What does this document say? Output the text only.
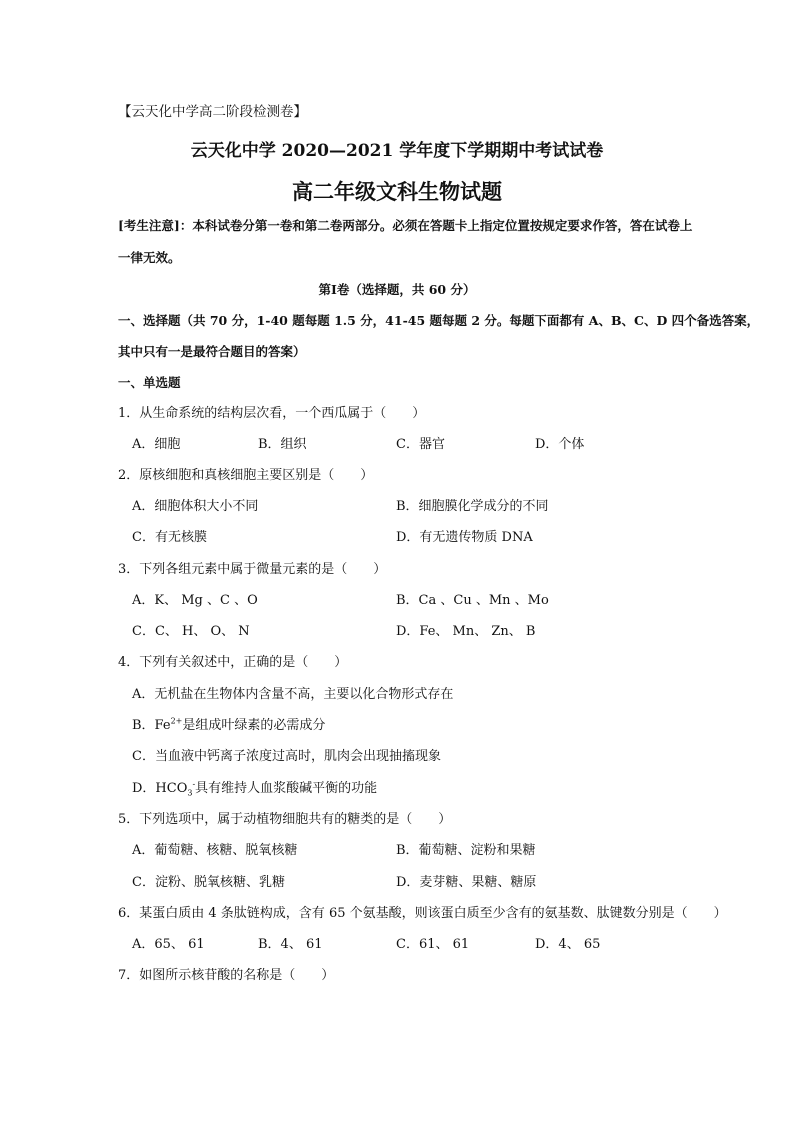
【云天化中学高二阶段检测卷】
云天化中学 2020—2021 学年度下学期期中考试试卷
高二年级文科生物试题
[考生注意]：本科试卷分第一卷和第二卷两部分。必须在答题卡上指定位置按规定要求作答，答在试卷上
一律无效。
第Ⅰ卷（选择题，共 60 分）
一、选择题（共 70 分，1-40 题每题 1.5 分，41-45 题每题 2 分。每题下面都有 A、B、C、D 四个备选答案，
其中只有一是最符合题目的答案）
一、单选题
1．从生命系统的结构层次看，一个西瓜属于（　　）
A．细胞	B．组织	C．器官	D．个体
2．原核细胞和真核细胞主要区别是（　　）
A．细胞体积大小不同	B．细胞膜化学成分的不同
C．有无核膜	D．有无遗传物质 DNA
3．下列各组元素中属于微量元素的是（　　）
A．K、 Mg 、C 、O	B．Ca 、Cu 、Mn 、Mo
C．C、 H、 O、 N	D．Fe、 Mn、 Zn、 B
4．下列有关叙述中，正确的是（　　）
A．无机盐在生物体内含量不高，主要以化合物形式存在
B．$Fe^{2+}$是组成叶绿素的必需成分
C．当血液中钙离子浓度过高时，肌肉会出现抽搐现象
D．$HCO_3^-$具有维持人血浆酸碱平衡的功能
5．下列选项中，属于动植物细胞共有的糖类的是（　　）
A．葡萄糖、核糖、脱氧核糖	B．葡萄糖、淀粉和果糖
C．淀粉、脱氧核糖、乳糖	D．麦芽糖、果糖、糖原
6．某蛋白质由 4 条肽链构成，含有 65 个氨基酸，则该蛋白质至少含有的氨基数、肽键数分别是（　　）
A．65、 61	B．4、 61	C．61、 61	D．4、 65
7．如图所示核苷酸的名称是（　　）
